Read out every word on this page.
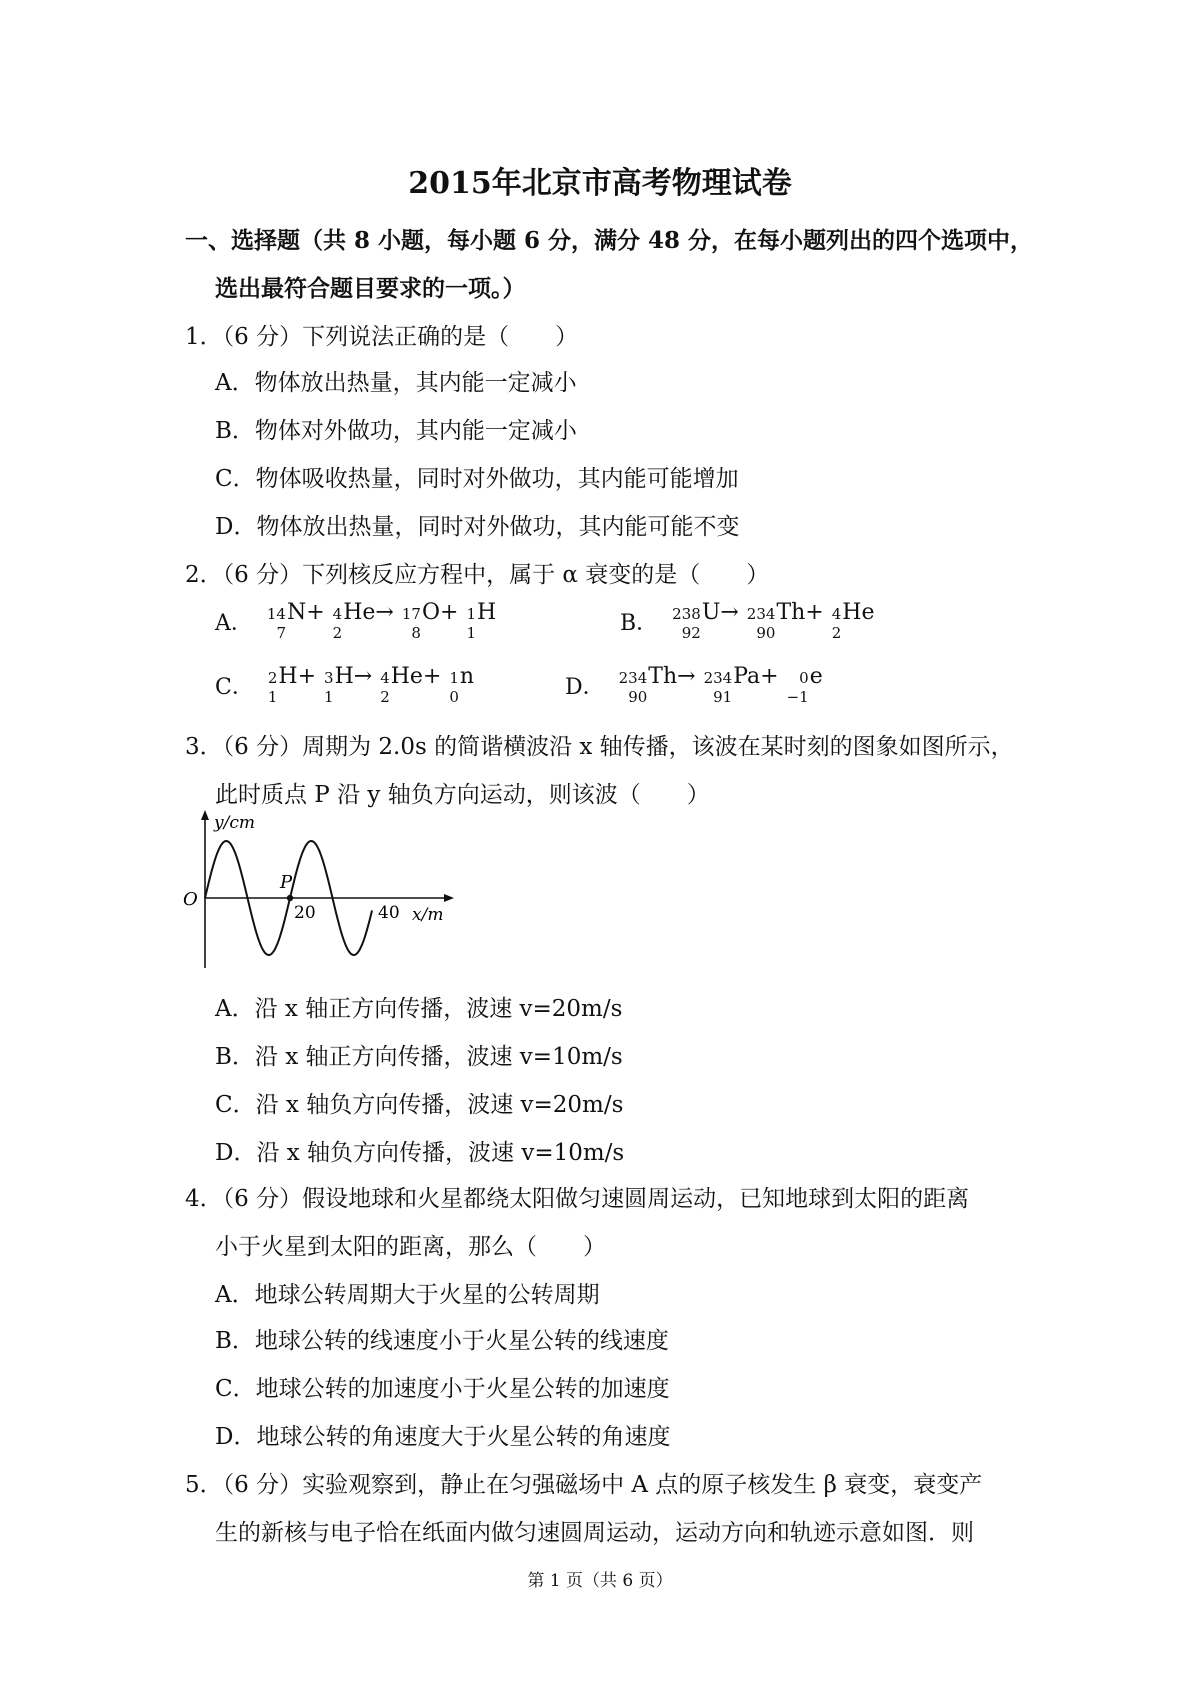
2015年北京市高考物理试卷
一、选择题（共 8 小题，每小题 6 分，满分 48 分，在每小题列出的四个选项中，
选出最符合题目要求的一项。）
1．（6 分）下列说法正确的是（　　）
A．物体放出热量，其内能一定减小
B．物体对外做功，其内能一定减小
C．物体吸收热量，同时对外做功，其内能可能增加
D．物体放出热量，同时对外做功，其内能可能不变
2．（6 分）下列核反应方程中，属于 α 衰变的是（　　）
A． 14
7
N+ 4
2
He→ 17
8
O+ 1
1
H	B． 238
92
U→ 234
90
Th+ 4
2
He
C． 2
1
H+ 3
1
H→ 4
2
He+ 1
0
n	D． 234
90
Th→ 234
91
Pa+ 0
−1
e
3．（6 分）周期为 2.0s 的简谐横波沿 x 轴传播，该波在某时刻的图象如图所示，
此时质点 P 沿 y 轴负方向运动，则该波（　　）
P
O
20	40 x/m
y/cm
A．沿 x 轴正方向传播，波速 v=20m/s
B．沿 x 轴正方向传播，波速 v=10m/s
C．沿 x 轴负方向传播，波速 v=20m/s
D．沿 x 轴负方向传播，波速 v=10m/s
4．（6 分）假设地球和火星都绕太阳做匀速圆周运动，已知地球到太阳的距离
小于火星到太阳的距离，那么（　　）
A．地球公转周期大于火星的公转周期
B．地球公转的线速度小于火星公转的线速度
C．地球公转的加速度小于火星公转的加速度
D．地球公转的角速度大于火星公转的角速度
5．（6 分）实验观察到，静止在匀强磁场中 A 点的原子核发生 β 衰变，衰变产
生的新核与电子恰在纸面内做匀速圆周运动，运动方向和轨迹示意如图．则
第 1 页（共 6 页）
